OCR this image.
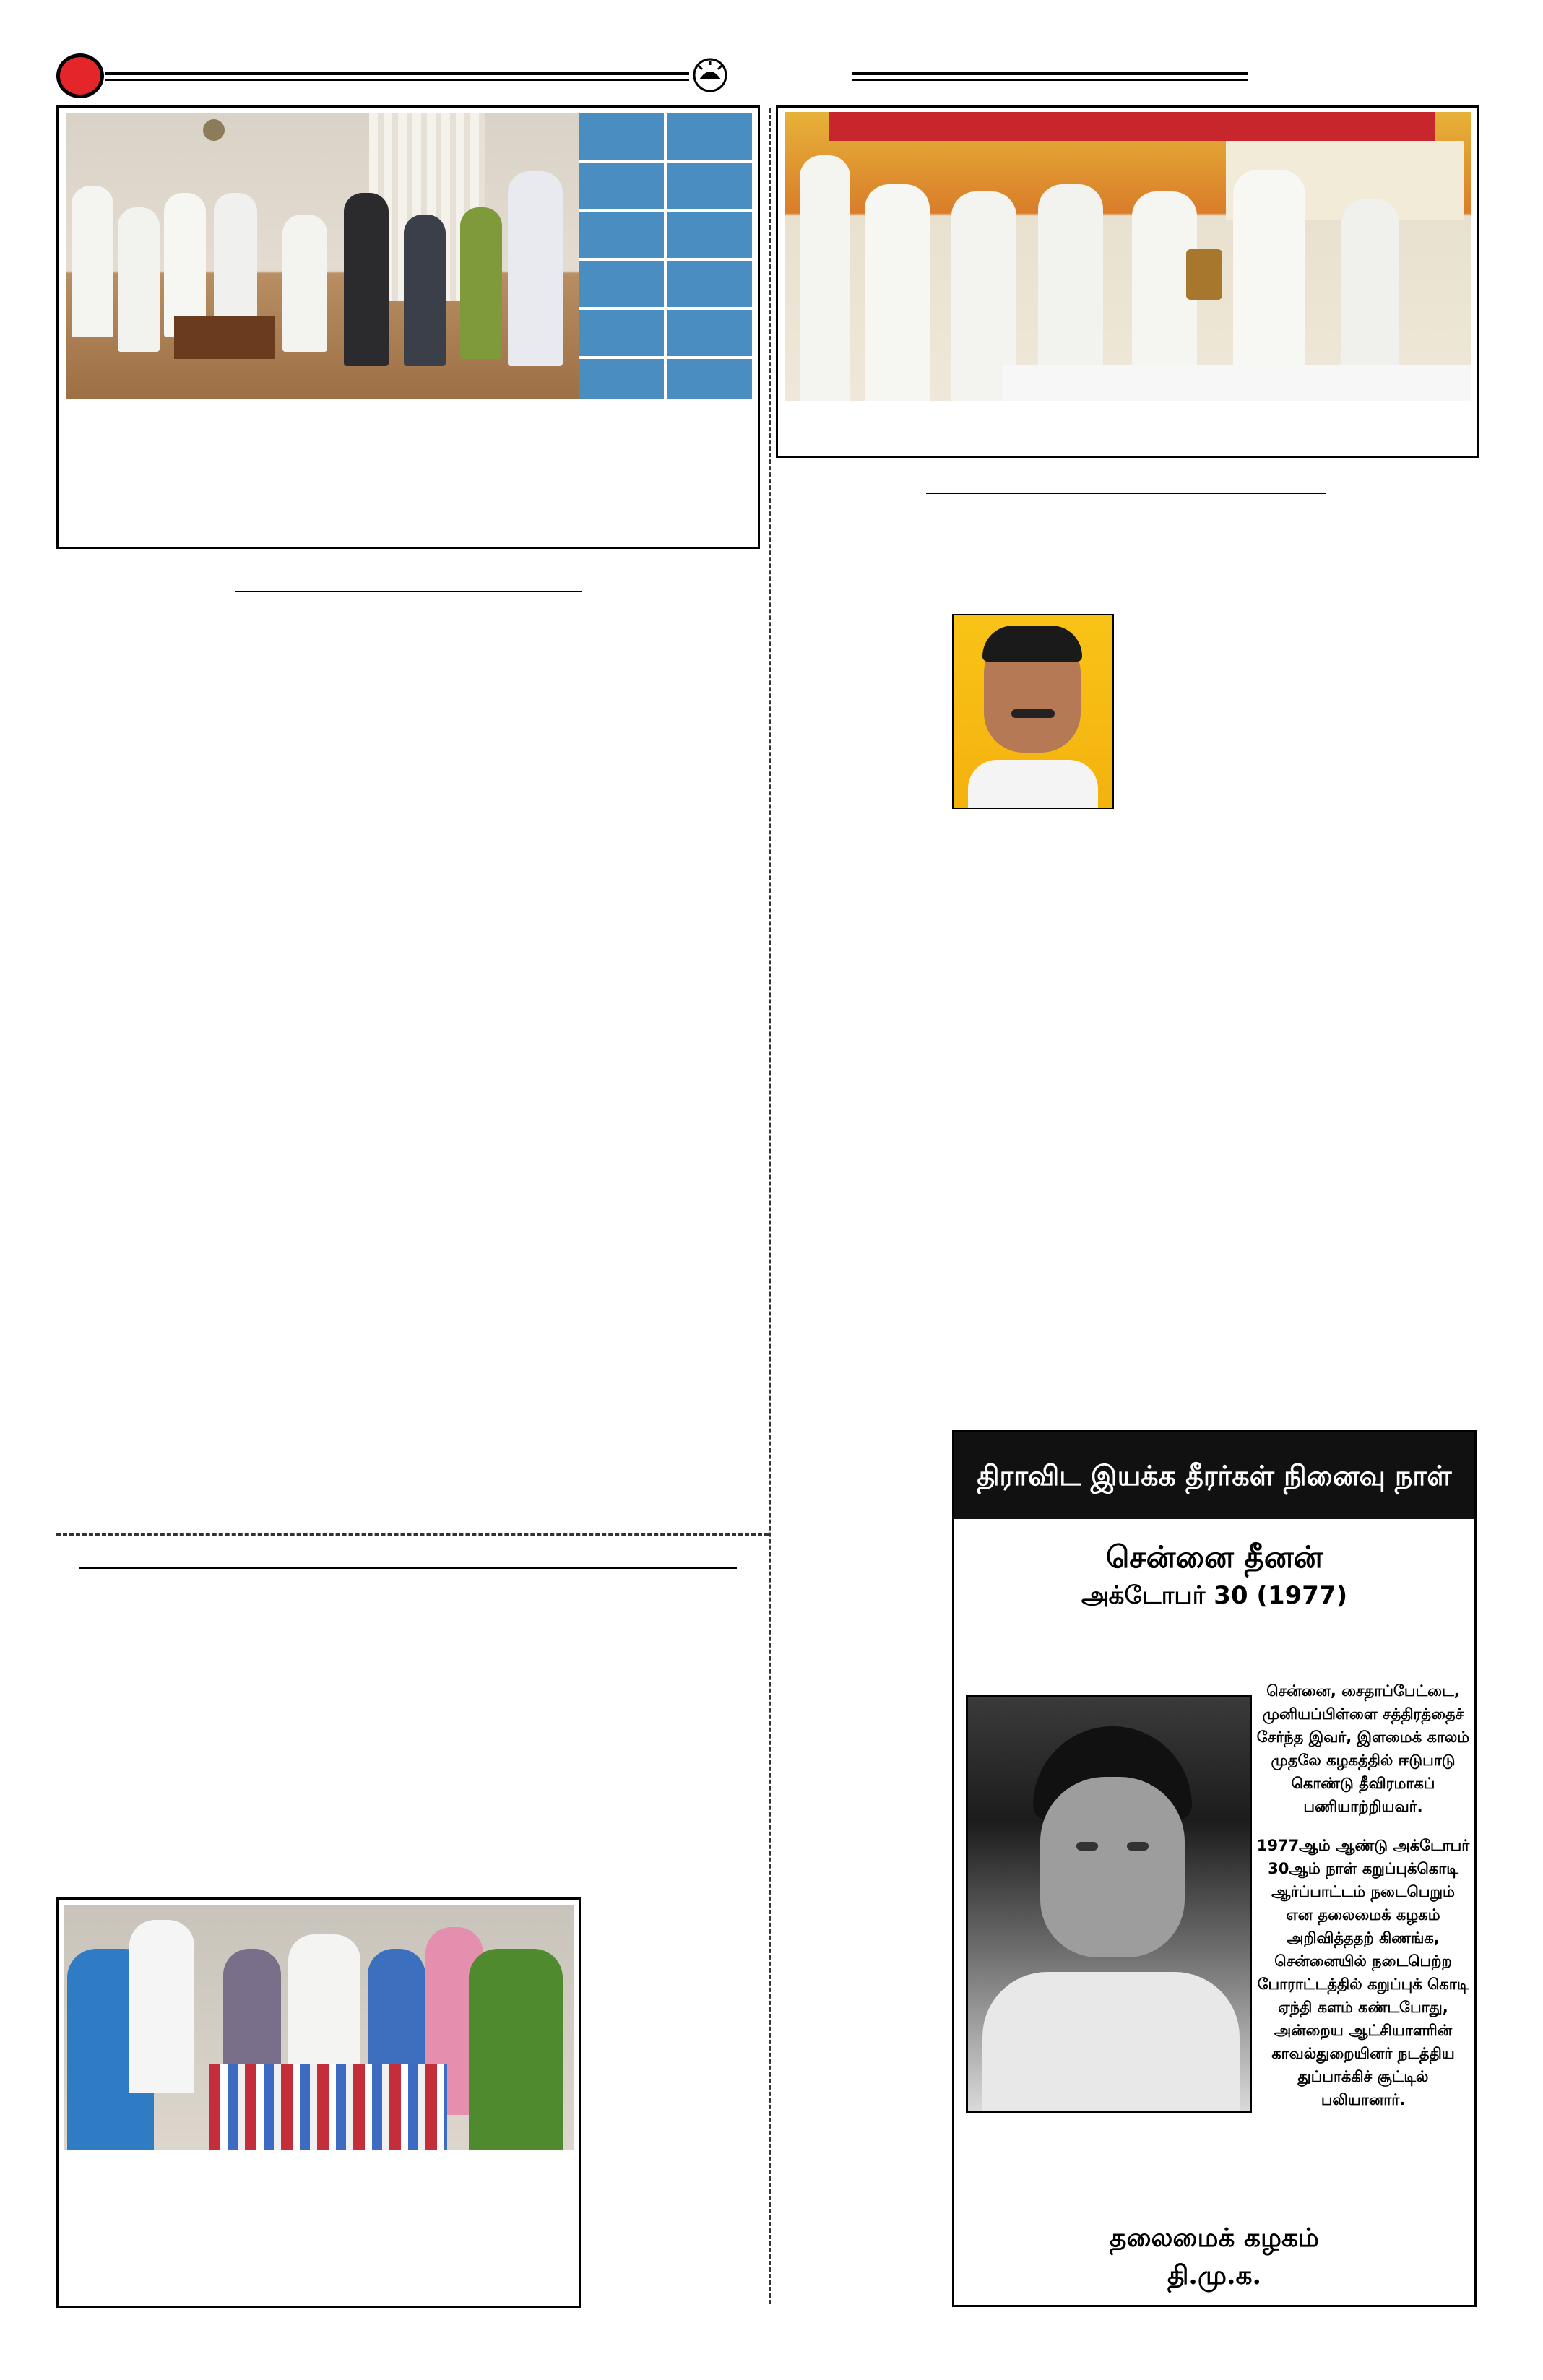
திராவிட இயக்க தீரர்கள் நினைவு நாள்
சென்னை தீனன்
அக்டோபர் 30 (1977)

சென்னை, சைதாப்பேட்டை, முனியப்பிள்ளை சத்திரத்தைச் சேர்ந்த இவர், இளமைக் காலம் முதலே கழகத்தில் ஈடுபாடு கொண்டு தீவிரமாகப் பணியாற்றியவர்.

1977ஆம் ஆண்டு அக்டோபர் 30ஆம் நாள் கறுப்புக்கொடி ஆர்ப்பாட்டம் நடைபெறும் என தலைமைக் கழகம் அறிவித்ததற் கிணங்க, சென்னையில் நடைபெற்ற போராட்டத்தில் கறுப்புக் கொடி ஏந்தி களம் கண்டபோது, அன்றைய ஆட்சியாளரின் காவல்துறையினர் நடத்திய துப்பாக்கிச் சூட்டில் பலியானார்.

தலைமைக் கழகம்
தி.மு.க.
